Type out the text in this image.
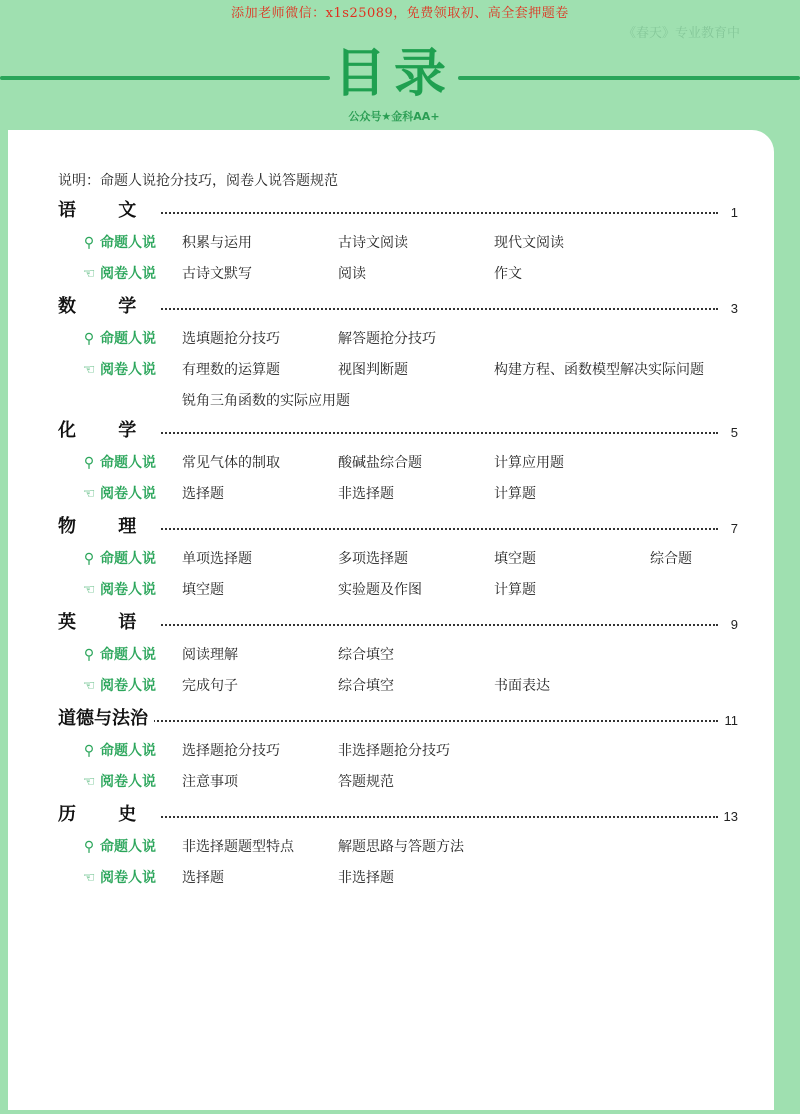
添加老师微信：x1s25089，免费领取初、高全套押题卷
《春天》专业教育中
目录
公众号★金科AA+
说明：命题人说抢分技巧，阅卷人说答题规范
语 文	1
⚲ 命题人说 积累与运用	古诗文阅读	现代文阅读
☜ 阅卷人说 古诗文默写	阅读	作文
数 学	3
⚲ 命题人说 选填题抢分技巧	解答题抢分技巧
☜ 阅卷人说 有理数的运算题	视图判断题	构建方程、函数模型解决实际问题
锐角三角函数的实际应用题
化 学	5
⚲ 命题人说 常见气体的制取	酸碱盐综合题	计算应用题
☜ 阅卷人说 选择题	非选择题	计算题
物 理	7
⚲ 命题人说 单项选择题	多项选择题	填空题	综合题
☜ 阅卷人说 填空题	实验题及作图	计算题
英 语	9
⚲ 命题人说 阅读理解	综合填空
☜ 阅卷人说 完成句子	综合填空	书面表达
道德与法治	11
⚲ 命题人说 选择题抢分技巧	非选择题抢分技巧
☜ 阅卷人说 注意事项	答题规范
历 史	13
⚲ 命题人说 非选择题题型特点	解题思路与答题方法
☜ 阅卷人说 选择题	非选择题
